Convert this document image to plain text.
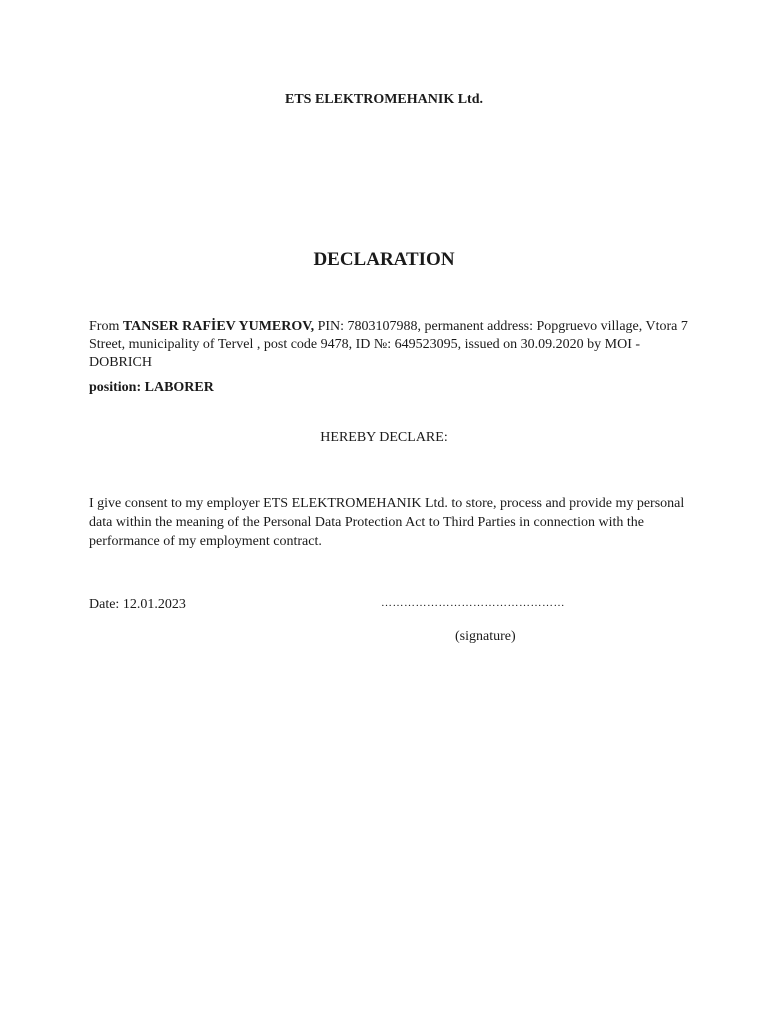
ETS ELEKTROMEHANIK Ltd.
DECLARATION
From TANSER RAFİEV YUMEROV, PIN: 7803107988, permanent address: Popgruevo village, Vtora 7 Street, municipality of Tervel , post code 9478, ID №: 649523095, issued on 30.09.2020 by MOI - DOBRICH
position: LABORER
HEREBY DECLARE:
I give consent to my employer ETS ELEKTROMEHANIK Ltd. to store, process and provide my personal data within the meaning of the Personal Data Protection Act to Third Parties in connection with the performance of my employment contract.
Date: 12.01.2023	…………………………………………
(signature)
